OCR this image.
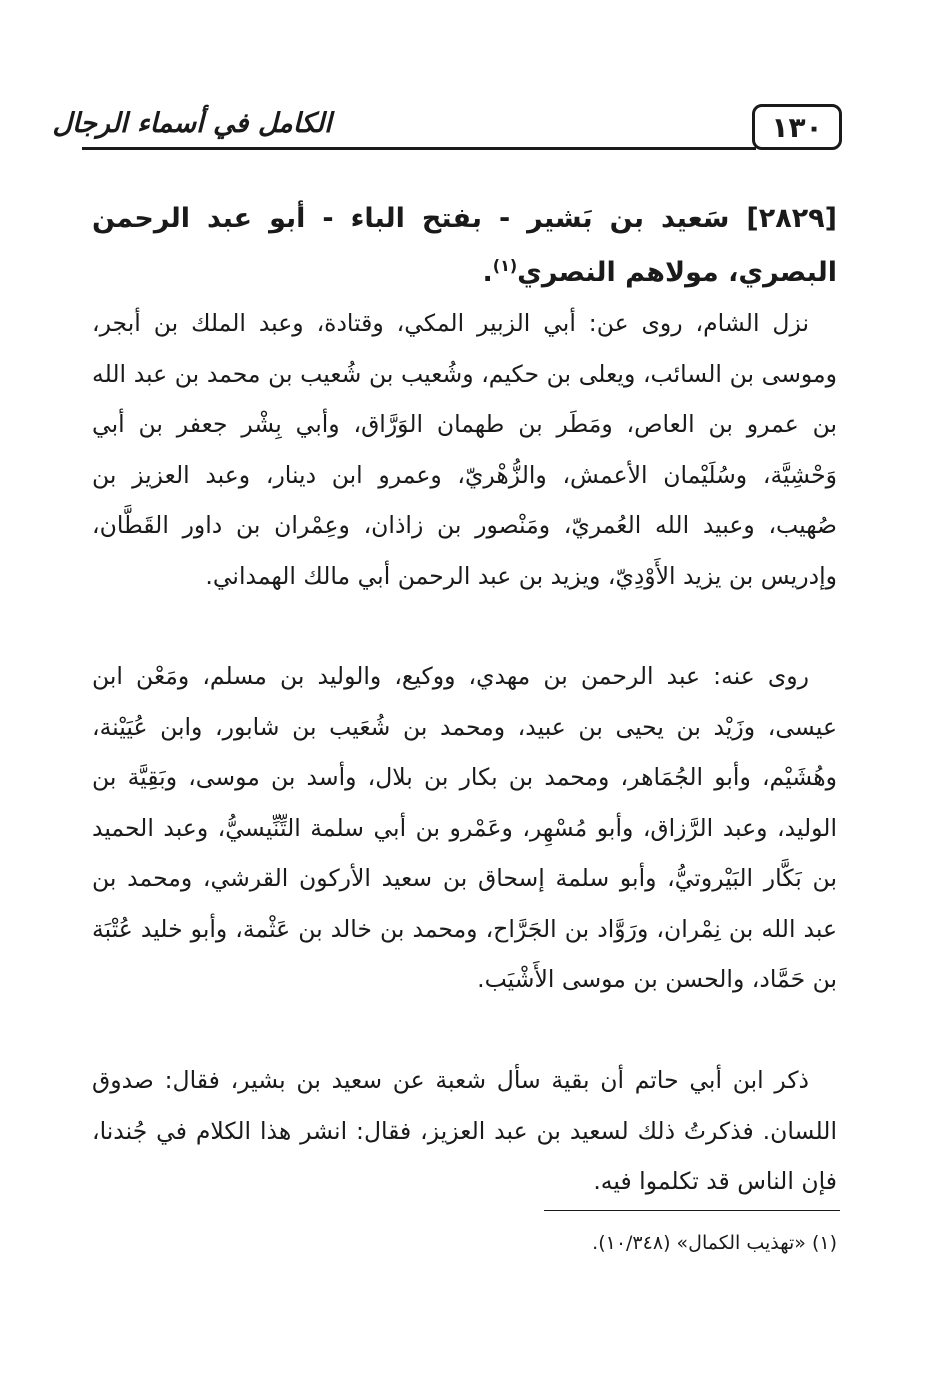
الكامل في أسماء الرجال	١٣٠
[٢٨٢٩] سَعيد بن بَشير - بفتح الباء - أبو عبد الرحمن البصري، مولاهم النصري$^{(١)}$.
نزل الشام، روى عن: أبي الزبير المكي، وقتادة، وعبد الملك بن أبجر، وموسى بن السائب، ويعلى بن حكيم، وشُعيب بن شُعيب بن محمد بن عبد الله بن عمرو بن العاص، ومَطَر بن طهمان الوَرَّاق، وأبي بِشْر جعفر بن أبي وَحْشِيَّة، وسُلَيْمان الأعمش، والزُّهْريّ، وعمرو ابن دينار، وعبد العزيز بن صُهيب، وعبيد الله العُمريّ، ومَنْصور بن زاذان، وعِمْران بن داور القَطَّان، وإدريس بن يزيد الأَوْدِيّ، ويزيد بن عبد الرحمن أبي مالك الهمداني.
روى عنه: عبد الرحمن بن مهدي، ووكيع، والوليد بن مسلم، ومَعْن ابن عيسى، وزَيْد بن يحيى بن عبيد، ومحمد بن شُعَيب بن شابور، وابن عُيَيْنة، وهُشَيْم، وأبو الجُمَاهر، ومحمد بن بكار بن بلال، وأسد بن موسى، وبَقِيَّة بن الوليد، وعبد الرَّزاق، وأبو مُسْهِر، وعَمْرو بن أبي سلمة التِّنِّيسيُّ، وعبد الحميد بن بَكَّار البَيْروتيُّ، وأبو سلمة إسحاق بن سعيد الأركون القرشي، ومحمد بن عبد الله بن نِمْران، ورَوَّاد بن الجَرَّاح، ومحمد بن خالد بن عَثْمة، وأبو خليد عُتْبَة بن حَمَّاد، والحسن بن موسى الأَشْيَب.
ذكر ابن أبي حاتم أن بقية سأل شعبة عن سعيد بن بشير، فقال: صدوق اللسان. فذكرتُ ذلك لسعيد بن عبد العزيز، فقال: انشر هذا الكلام في جُندنا، فإن الناس قد تكلموا فيه.
(١) «تهذيب الكمال» (١٠/٣٤٨).
